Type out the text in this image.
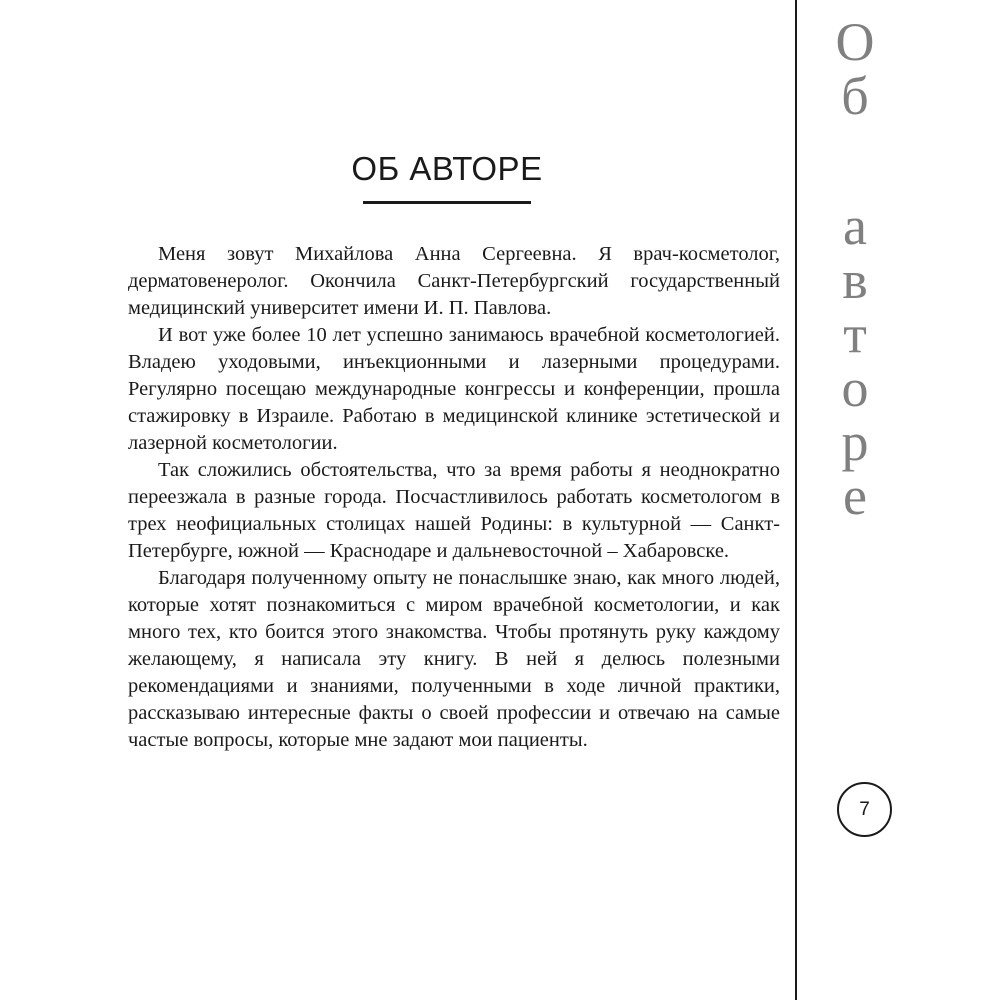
ОБ АВТОРЕ

Меня зовут Михайлова Анна Сергеевна. Я врач-косметолог, дерматовенеролог. Окончила Санкт-Петербургский государственный медицинский университет имени И. П. Павлова.

И вот уже более 10 лет успешно занимаюсь врачебной косметологией. Владею уходовыми, инъекционными и лазерными процедурами. Регулярно посещаю международные конгрессы и конференции, прошла стажировку в Израиле. Работаю в медицинской клинике эстетической и лазерной косметологии.

Так сложились обстоятельства, что за время работы я неоднократно переезжала в разные города. Посчастливилось работать косметологом в трех неофициальных столицах нашей Родины: в культурной — Санкт-Петербурге, южной — Краснодаре и дальневосточной – Хабаровске.

Благодаря полученному опыту не понаслышке знаю, как много людей, которые хотят познакомиться с миром врачебной косметологии, и как много тех, кто боится этого знакомства. Чтобы протянуть руку каждому желающему, я написала эту книгу. В ней я делюсь полезными рекомендациями и знаниями, полученными в ходе личной практики, рассказываю интересные факты о своей профессии и отвечаю на самые частые вопросы, которые мне задают мои пациенты.

О
б
а
в
т
о
р
е
7
